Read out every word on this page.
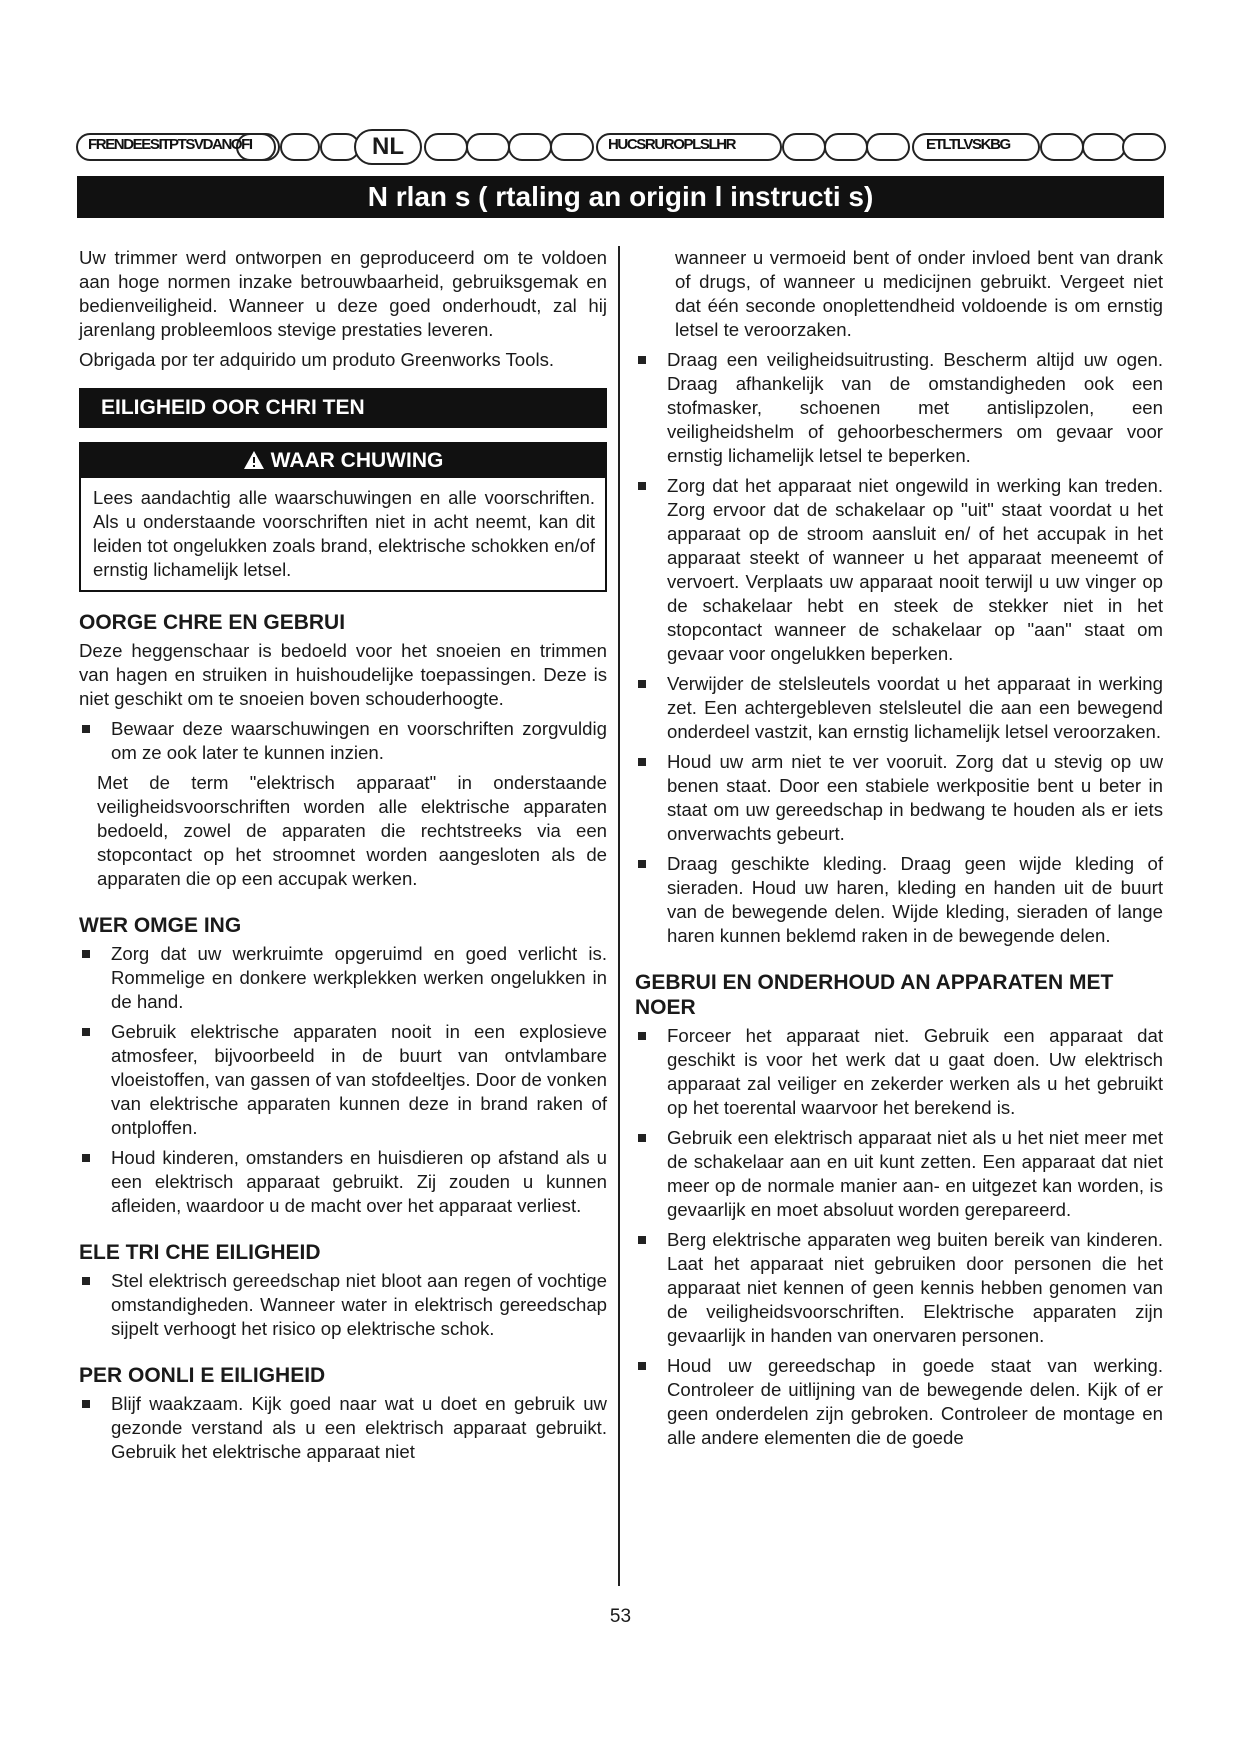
FRENDEESITPTSVDANOFI	NL	HUCSRUROPLSLHR	ETLTLVSKBG
N rlan s ( rtaling an origin l instructi s)

Uw trimmer werd ontworpen en geproduceerd om te voldoen aan hoge normen inzake betrouwbaarheid, gebruiksgemak en bedienveiligheid. Wanneer u deze goed onderhoudt, zal hij jarenlang probleemloos stevige prestaties leveren.

Obrigada por ter adquirido um produto Greenworks Tools.

EILIGHEID OOR CHRI TEN
WAAR CHUWING

Lees aandachtig alle waarschuwingen en alle voorschriften. Als u onderstaande voorschriften niet in acht neemt, kan dit leiden tot ongelukken zoals brand, elektrische schokken en/of ernstig lichamelijk letsel.

OORGE CHRE EN GEBRUI

Deze heggenschaar is bedoeld voor het snoeien en trimmen van hagen en struiken in huishoudelijke toepassingen. Deze is niet geschikt om te snoeien boven schouderhoogte.

Bewaar deze waarschuwingen en voorschriften zorgvuldig om ze ook later te kunnen inzien.

Met de term "elektrisch apparaat" in onderstaande veiligheidsvoorschriften worden alle elektrische apparaten bedoeld, zowel de apparaten die rechtstreeks via een stopcontact op het stroomnet worden aangesloten als de apparaten die op een accupak werken.

WER OMGE ING

Zorg dat uw werkruimte opgeruimd en goed verlicht is. Rommelige en donkere werkplekken werken ongelukken in de hand.

Gebruik elektrische apparaten nooit in een explosieve atmosfeer, bijvoorbeeld in de buurt van ontvlambare vloeistoffen, van gassen of van stofdeeltjes. Door de vonken van elektrische apparaten kunnen deze in brand raken of ontploffen.

Houd kinderen, omstanders en huisdieren op afstand als u een elektrisch apparaat gebruikt. Zij zouden u kunnen afleiden, waardoor u de macht over het apparaat verliest.

ELE TRI CHE EILIGHEID

Stel elektrisch gereedschap niet bloot aan regen of vochtige omstandigheden. Wanneer water in elektrisch gereedschap sijpelt verhoogt het risico op elektrische schok.

PER OONLI E EILIGHEID

Blijf waakzaam. Kijk goed naar wat u doet en gebruik uw gezonde verstand als u een elektrisch apparaat gebruikt. Gebruik het elektrische apparaat niet

wanneer u vermoeid bent of onder invloed bent van drank of drugs, of wanneer u medicijnen gebruikt. Vergeet niet dat één seconde onoplettendheid voldoende is om ernstig letsel te veroorzaken.

Draag een veiligheidsuitrusting. Bescherm altijd uw ogen. Draag afhankelijk van de omstandigheden ook een stofmasker, schoenen met antislipzolen, een veiligheidshelm of gehoorbeschermers om gevaar voor ernstig lichamelijk letsel te beperken.

Zorg dat het apparaat niet ongewild in werking kan treden. Zorg ervoor dat de schakelaar op "uit" staat voordat u het apparaat op de stroom aansluit en/ of het accupak in het apparaat steekt of wanneer u het apparaat meeneemt of vervoert. Verplaats uw apparaat nooit terwijl u uw vinger op de schakelaar hebt en steek de stekker niet in het stopcontact wanneer de schakelaar op "aan" staat om gevaar voor ongelukken beperken.

Verwijder de stelsleutels voordat u het apparaat in werking zet. Een achtergebleven stelsleutel die aan een bewegend onderdeel vastzit, kan ernstig lichamelijk letsel veroorzaken.

Houd uw arm niet te ver vooruit. Zorg dat u stevig op uw benen staat. Door een stabiele werkpositie bent u beter in staat om uw gereedschap in bedwang te houden als er iets onverwachts gebeurt.

Draag geschikte kleding. Draag geen wijde kleding of sieraden. Houd uw haren, kleding en handen uit de buurt van de bewegende delen. Wijde kleding, sieraden of lange haren kunnen beklemd raken in de bewegende delen.

GEBRUI EN ONDERHOUD AN APPARATEN MET NOER

Forceer het apparaat niet. Gebruik een apparaat dat geschikt is voor het werk dat u gaat doen. Uw elektrisch apparaat zal veiliger en zekerder werken als u het gebruikt op het toerental waarvoor het berekend is.

Gebruik een elektrisch apparaat niet als u het niet meer met de schakelaar aan en uit kunt zetten. Een apparaat dat niet meer op de normale manier aan- en uitgezet kan worden, is gevaarlijk en moet absoluut worden gerepareerd.

Berg elektrische apparaten weg buiten bereik van kinderen. Laat het apparaat niet gebruiken door personen die het apparaat niet kennen of geen kennis hebben genomen van de veiligheidsvoorschriften. Elektrische apparaten zijn gevaarlijk in handen van onervaren personen.

Houd uw gereedschap in goede staat van werking. Controleer de uitlijning van de bewegende delen. Kijk of er geen onderdelen zijn gebroken. Controleer de montage en alle andere elementen die de goede

53
